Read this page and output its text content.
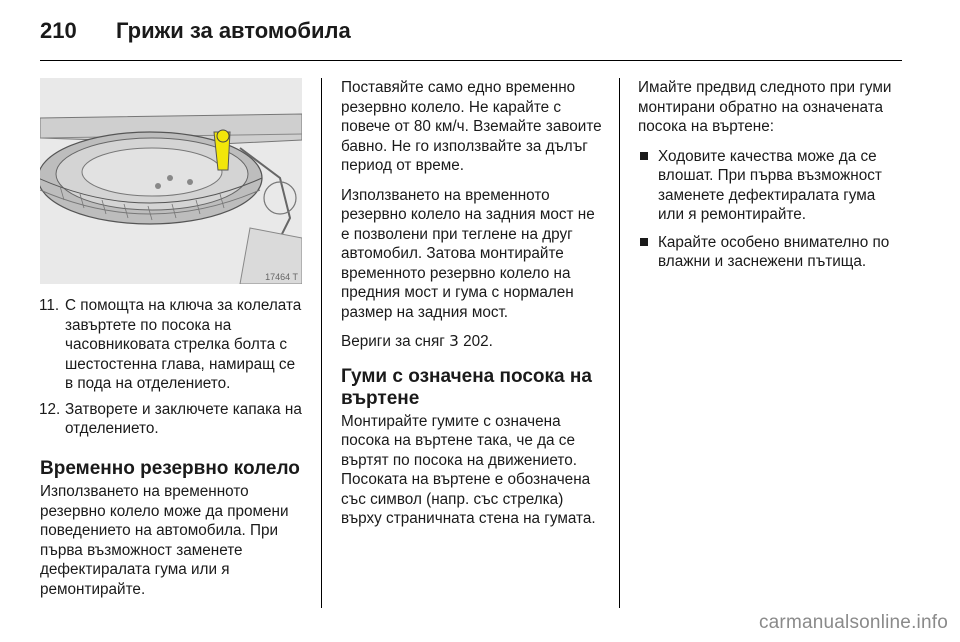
210 Грижи за автомобила
17464 T
11. С помощта на ключа за колелата завъртете по посока на часовниковата стрелка болта с шестостенна глава, намиращ се в пода на отделението.
12. Затворете и заключете капака на отделението.
Временно резервно колело

Използването на временното резервно колело може да промени поведението на автомобила. При първа възможност заменете дефектиралата гума или я ремонтирайте.

Поставяйте само едно временно резервно колело. Не карайте с повече от 80 км/ч. Вземайте завоите бавно. Не го използвайте за дълъг период от време.

Използването на временното резервно колело на задния мост не е позволени при теглене на друг автомобил. Затова монтирайте временното резервно колело на предния мост и гума с нормален размер на задния мост.

Вериги за сняг 3 202.

Гуми с означена посока на въртене

Монтирайте гумите с означена посока на въртене така, че да се въртят по посока на движението. Посоката на въртене е обозначена със символ (напр. със стрелка) върху страничната стена на гумата.

Имайте предвид следното при гуми монтирани обратно на означената посока на въртене:

Ходовите качества може да се влошат. При първа възможност заменете дефектиралата гума или я ремонтирайте.
Карайте особено внимателно по влажни и заснежени пътища.
carmanualsonline.info
